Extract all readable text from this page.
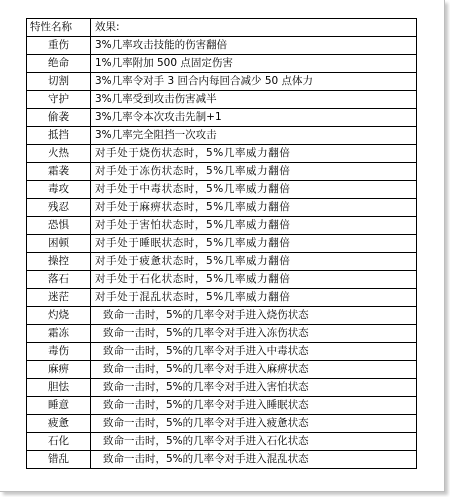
特性名称	效果:
重伤	3%几率攻击技能的伤害翻倍
绝命	1%几率附加 500 点固定伤害
切割	3%几率令对手 3 回合内每回合减少 50 点体力
守护	3%几率受到攻击伤害减半
偷袭	3%几率令本次攻击先制+1
抵挡	3%几率完全阻挡一次攻击
火热	对手处于烧伤状态时，5%几率威力翻倍
霜袭	对手处于冻伤状态时，5%几率威力翻倍
毒攻	对手处于中毒状态时，5%几率威力翻倍
残忍	对手处于麻痹状态时，5%几率威力翻倍
恐惧	对手处于害怕状态时，5%几率威力翻倍
困顿	对手处于睡眠状态时，5%几率威力翻倍
操控	对手处于疲惫状态时，5%几率威力翻倍
落石	对手处于石化状态时，5%几率威力翻倍
迷茫	对手处于混乱状态时，5%几率威力翻倍
灼烧	致命一击时，5%的几率令对手进入烧伤状态
霜冻	致命一击时，5%的几率令对手进入冻伤状态
毒伤	致命一击时，5%的几率令对手进入中毒状态
麻痹	致命一击时，5%的几率令对手进入麻痹状态
胆怯	致命一击时，5%的几率令对手进入害怕状态
睡意	致命一击时，5%的几率令对手进入睡眠状态
疲惫	致命一击时，5%的几率令对手进入疲惫状态
石化	致命一击时，5%的几率令对手进入石化状态
错乱	致命一击时，5%的几率令对手进入混乱状态
